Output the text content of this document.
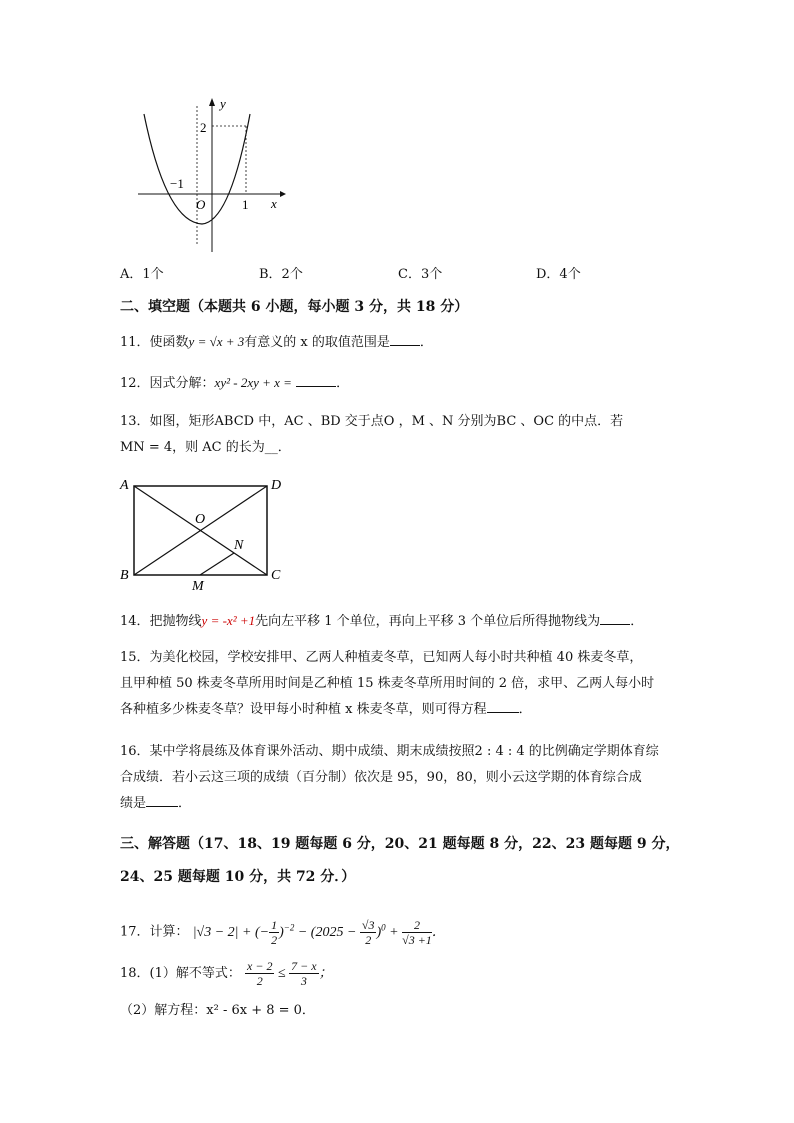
y
2
−1
O	1 x
A．1个	B．2个	C．3个	D．4个
二、填空题（本题共 6 小题，每小题 3 分，共 18 分）
11．使函数y = √x + 3有意义的 x 的取值范围是 ．
12．因式分解：xy² - 2xy + x =	．
13．如图，矩形ABCD 中，AC 、BD 交于点O ，M 、N 分别为BC 、OC 的中点．若
MN = 4，则 AC 的长为__．
A	D
B	C
O
N
M
14．把抛物线y = -x² +1先向左平移 1 个单位，再向上平移 3 个单位后所得抛物线为 ．
15．为美化校园，学校安排甲、乙两人种植麦冬草，已知两人每小时共种植 40 株麦冬草，
且甲种植 50 株麦冬草所用时间是乙种植 15 株麦冬草所用时间的 2 倍，求甲、乙两人每小时
各种植多少株麦冬草？设甲每小时种植 x 株麦冬草，则可得方程 ．
16．某中学将晨练及体育课外活动、期中成绩、期末成绩按照2 : 4 : 4 的比例确定学期体育综
合成绩．若小云这三项的成绩（百分制）依次是 95，90，80，则小云这学期的体育综合成
绩是 ．
三、解答题（17、18、19 题每题 6 分，20、21 题每题 8 分，22、23 题每题 9 分，
24、25 题每题 10 分，共 72 分．）
17．计算： |√3 − 2| + (− $\frac{1}{2} )^{-2} - (2025 - \frac{√3}{2} )^0 + \frac{2}{√3 +1}$ ．
18．(1）解不等式： $\frac{x - 2}{2} \le \frac{7 - x}{3}$ ；
（2）解方程：x² - 6x + 8 = 0．
